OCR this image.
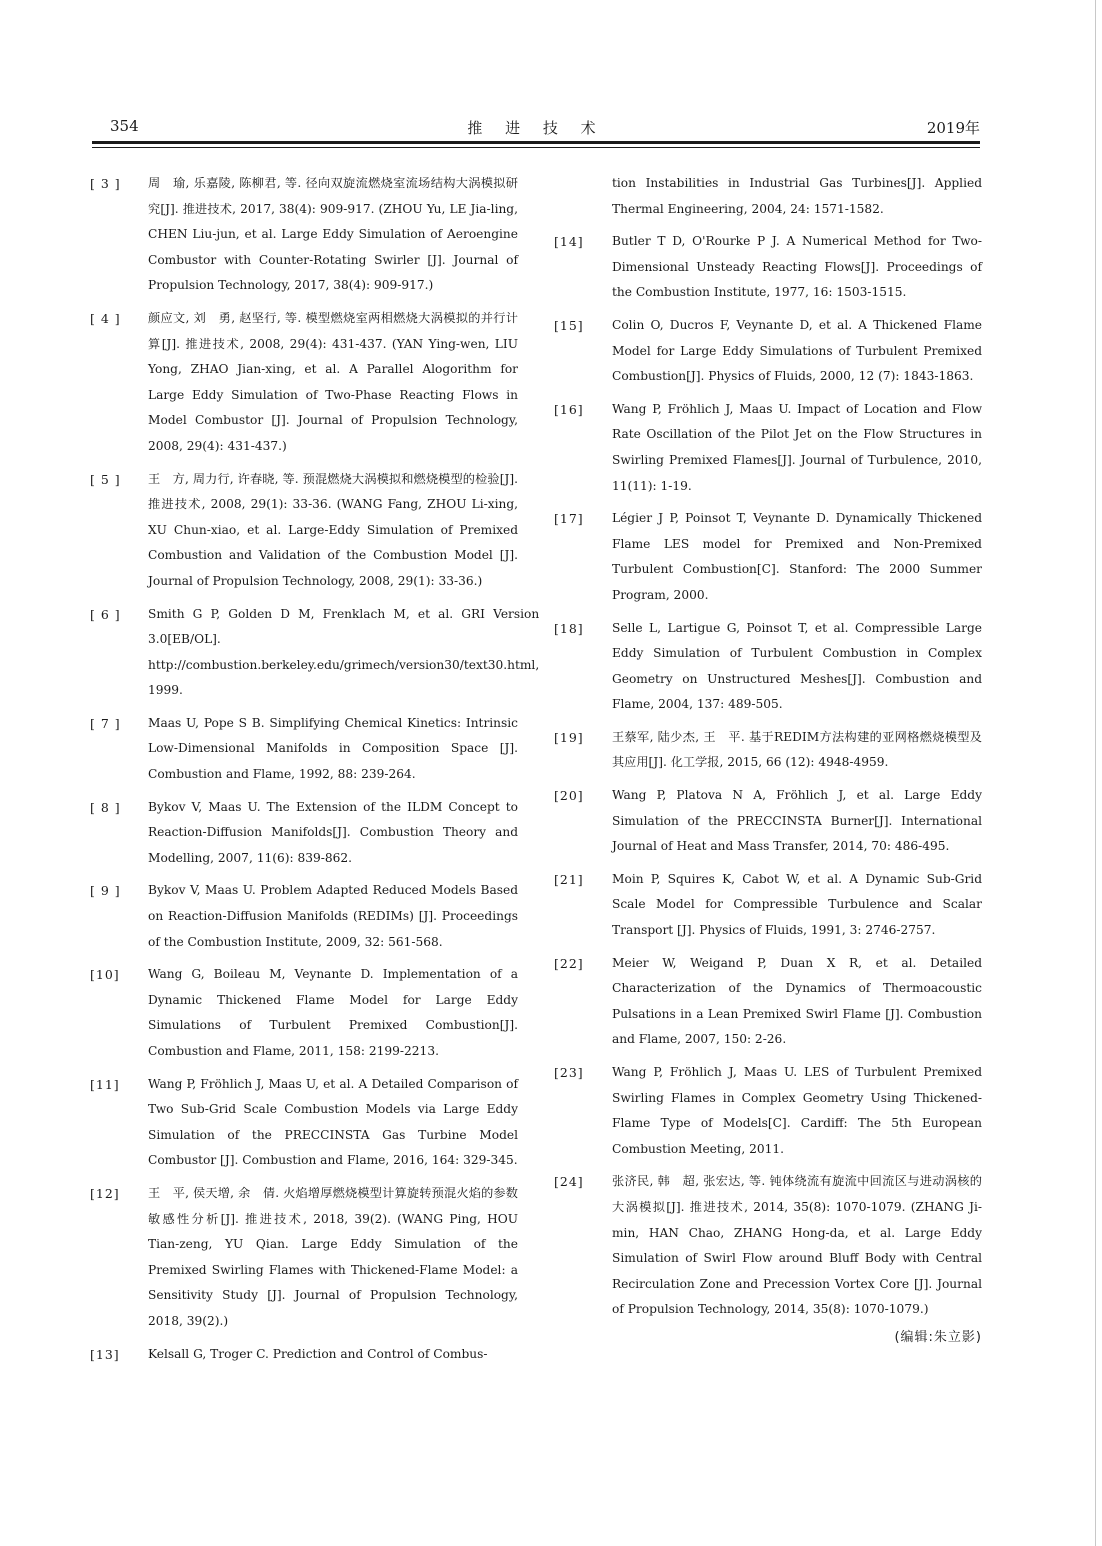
354	推 进 技 术	2019年
[ 3 ]	周　瑜, 乐嘉陵, 陈柳君, 等. 径向双旋流燃烧室流场结构大涡模拟研究[J]. 推进技术, 2017, 38(4): 909-917. (ZHOU Yu, LE Jia-ling, CHEN Liu-jun, et al. Large Eddy Simulation of Aeroengine Combustor with Counter-Rotating Swirler [J]. Journal of Propulsion Technology, 2017, 38(4): 909-917.)
[ 4 ]	颜应文, 刘　勇, 赵坚行, 等. 模型燃烧室两相燃烧大涡模拟的并行计算[J]. 推进技术, 2008, 29(4): 431-437. (YAN Ying-wen, LIU Yong, ZHAO Jian-xing, et al. A Parallel Alogorithm for Large Eddy Simulation of Two-Phase Reacting Flows in Model Combustor [J]. Journal of Propulsion Technology, 2008, 29(4): 431-437.)
[ 5 ]	王　方, 周力行, 许春晓, 等. 预混燃烧大涡模拟和燃烧模型的检验[J]. 推进技术, 2008, 29(1): 33-36. (WANG Fang, ZHOU Li-xing, XU Chun-xiao, et al. Large-Eddy Simulation of Premixed Combustion and Validation of the Combustion Model [J]. Journal of Propulsion Technology, 2008, 29(1): 33-36.)
[ 6 ]	Smith G P, Golden D M, Frenklach M, et al. GRI Version 3.0[EB/OL]. http://combustion.berkeley.edu/grimech/version30/text30.html, 1999.
[ 7 ]	Maas U, Pope S B. Simplifying Chemical Kinetics: Intrinsic Low-Dimensional Manifolds in Composition Space [J]. Combustion and Flame, 1992, 88: 239-264.
[ 8 ]	Bykov V, Maas U. The Extension of the ILDM Concept to Reaction-Diffusion Manifolds[J]. Combustion Theory and Modelling, 2007, 11(6): 839-862.
[ 9 ]	Bykov V, Maas U. Problem Adapted Reduced Models Based on Reaction-Diffusion Manifolds (REDIMs) [J]. Proceedings of the Combustion Institute, 2009, 32: 561-568.
[10]	Wang G, Boileau M, Veynante D. Implementation of a Dynamic Thickened Flame Model for Large Eddy Simulations of Turbulent Premixed Combustion[J]. Combustion and Flame, 2011, 158: 2199-2213.
[11]	Wang P, Fröhlich J, Maas U, et al. A Detailed Comparison of Two Sub-Grid Scale Combustion Models via Large Eddy Simulation of the PRECCINSTA Gas Turbine Model Combustor [J]. Combustion and Flame, 2016, 164: 329-345.
[12]	王　平, 侯天增, 余　倩. 火焰增厚燃烧模型计算旋转预混火焰的参数敏感性分析[J]. 推进技术, 2018, 39(2). (WANG Ping, HOU Tian-zeng, YU Qian. Large Eddy Simulation of the Premixed Swirling Flames with Thickened-Flame Model: a Sensitivity Study [J]. Journal of Propulsion Technology, 2018, 39(2).)
[13]	Kelsall G, Troger C. Prediction and Control of Combus-
tion Instabilities in Industrial Gas Turbines[J]. Applied Thermal Engineering, 2004, 24: 1571-1582.
[14]	Butler T D, O'Rourke P J. A Numerical Method for Two-Dimensional Unsteady Reacting Flows[J]. Proceedings of the Combustion Institute, 1977, 16: 1503-1515.
[15]	Colin O, Ducros F, Veynante D, et al. A Thickened Flame Model for Large Eddy Simulations of Turbulent Premixed Combustion[J]. Physics of Fluids, 2000, 12 (7): 1843-1863.
[16]	Wang P, Fröhlich J, Maas U. Impact of Location and Flow Rate Oscillation of the Pilot Jet on the Flow Structures in Swirling Premixed Flames[J]. Journal of Turbulence, 2010, 11(11): 1-19.
[17]	Légier J P, Poinsot T, Veynante D. Dynamically Thickened Flame LES model for Premixed and Non-Premixed Turbulent Combustion[C]. Stanford: The 2000 Summer Program, 2000.
[18]	Selle L, Lartigue G, Poinsot T, et al. Compressible Large Eddy Simulation of Turbulent Combustion in Complex Geometry on Unstructured Meshes[J]. Combustion and Flame, 2004, 137: 489-505.
[19]	王蔡军, 陆少杰, 王　平. 基于REDIM方法构建的亚网格燃烧模型及其应用[J]. 化工学报, 2015, 66 (12): 4948-4959.
[20]	Wang P, Platova N A, Fröhlich J, et al. Large Eddy Simulation of the PRECCINSTA Burner[J]. International Journal of Heat and Mass Transfer, 2014, 70: 486-495.
[21]	Moin P, Squires K, Cabot W, et al. A Dynamic Sub-Grid Scale Model for Compressible Turbulence and Scalar Transport [J]. Physics of Fluids, 1991, 3: 2746-2757.
[22]	Meier W, Weigand P, Duan X R, et al. Detailed Characterization of the Dynamics of Thermoacoustic Pulsations in a Lean Premixed Swirl Flame [J]. Combustion and Flame, 2007, 150: 2-26.
[23]	Wang P, Fröhlich J, Maas U. LES of Turbulent Premixed Swirling Flames in Complex Geometry Using Thickened-Flame Type of Models[C]. Cardiff: The 5th European Combustion Meeting, 2011.
[24]	张济民, 韩　超, 张宏达, 等. 钝体绕流有旋流中回流区与进动涡核的大涡模拟[J]. 推进技术, 2014, 35(8): 1070-1079. (ZHANG Ji-min, HAN Chao, ZHANG Hong-da, et al. Large Eddy Simulation of Swirl Flow around Bluff Body with Central Recirculation Zone and Precession Vortex Core [J]. Journal of Propulsion Technology, 2014, 35(8): 1070-1079.)
(编辑:朱立影)
